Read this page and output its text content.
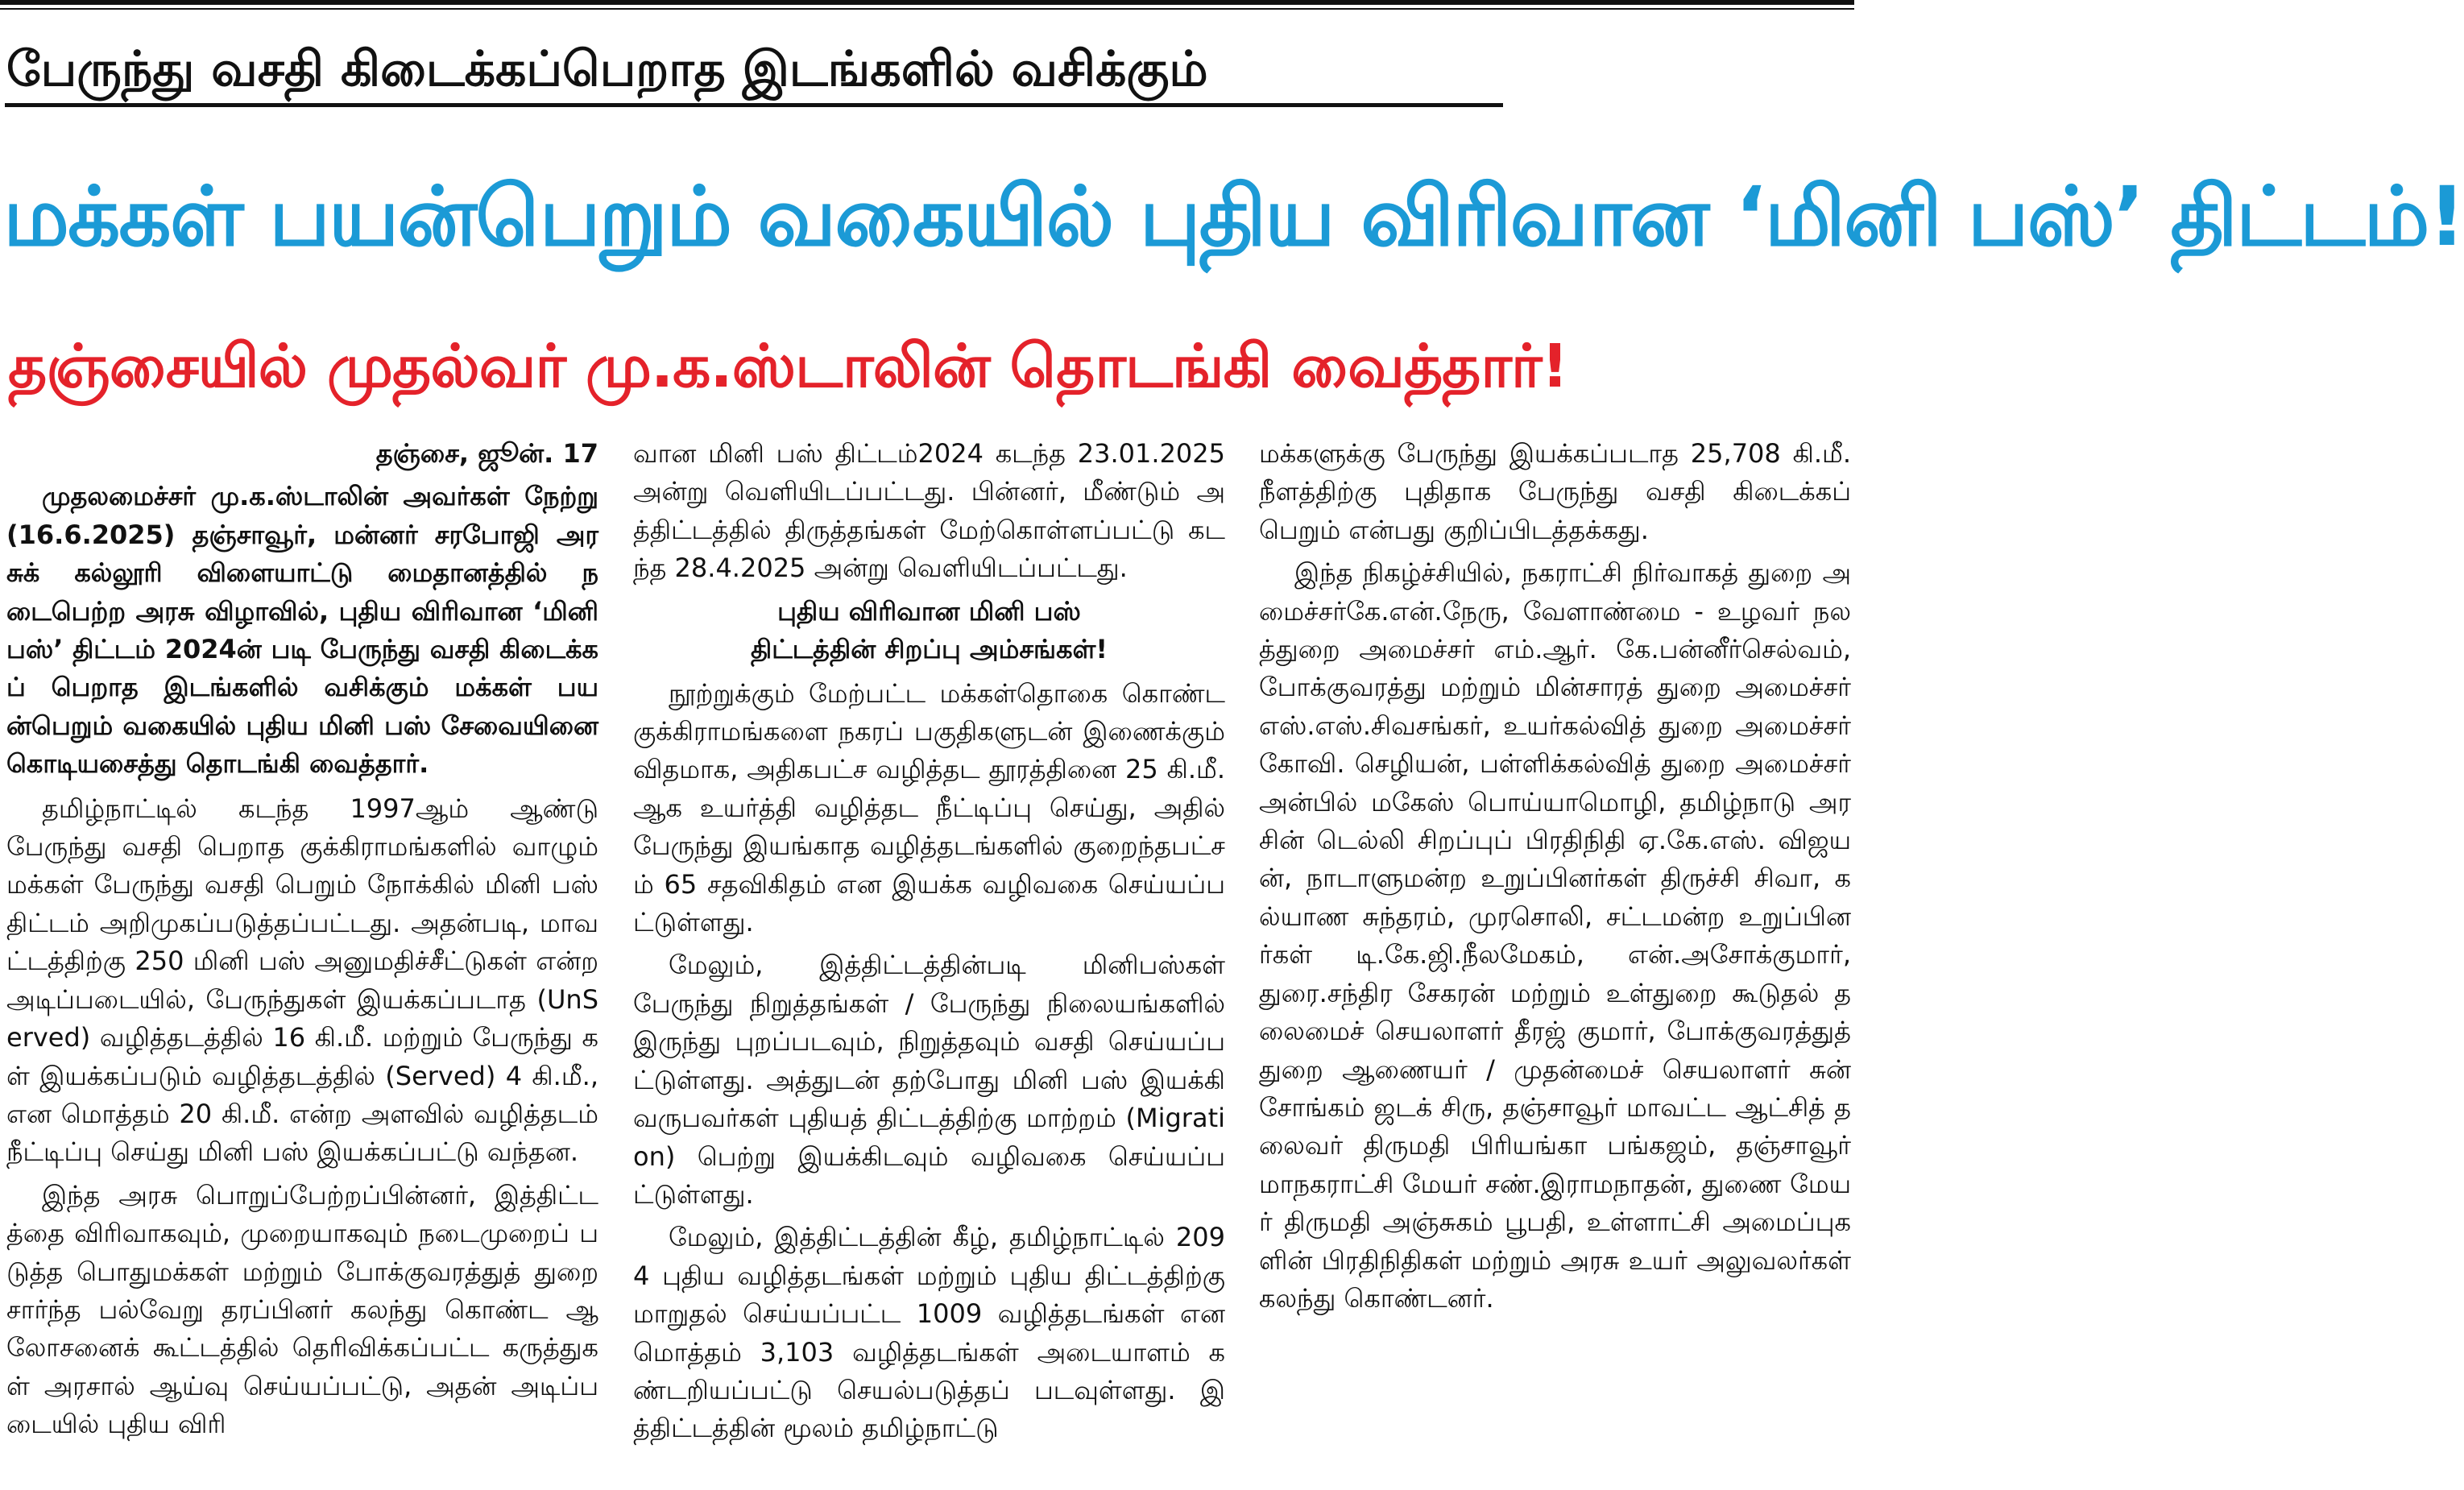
பேருந்து வசதி கிடைக்கப்பெறாத இடங்களில் வசிக்கும்
மக்கள் பயன்பெறும் வகையில் புதிய விரிவான ‘மினி பஸ்’ திட்டம்!
தஞ்சையில் முதல்வர் மு.க.ஸ்டாலின் தொடங்கி வைத்தார்!
தஞ்சை, ஜூன். 17

முதலமைச்சர் மு.க.ஸ்டாலின் அவர்கள் நேற்று (16.6.2025) தஞ்சாவூர், மன்னர் சரபோஜி அரசுக் கல்லூரி விளையாட்டு மைதானத்தில் நடைபெற்ற அரசு விழாவில், புதிய விரிவான ‘மினி பஸ்’ திட்டம் 2024ன் படி பேருந்து வசதி கிடைக்கப் பெறாத இடங்களில் வசிக்கும் மக்கள் பயன்பெறும் வகையில் புதிய மினி பஸ் சேவையினை கொடியசைத்து தொடங்கி வைத்தார்.

தமிழ்நாட்டில் கடந்த 1997ஆம் ஆண்டு பேருந்து வசதி பெறாத குக்கிராமங்களில் வாழும் மக்கள் பேருந்து வசதி பெறும் நோக்கில் மினி பஸ் திட்டம் அறிமுகப்படுத்தப்பட்டது. அதன்படி, மாவட்டத்திற்கு 250 மினி பஸ் அனுமதிச்சீட்டுகள் என்ற அடிப்படையில், பேருந்துகள் இயக்கப்படாத (UnServed) வழித்தடத்தில் 16 கி.மீ. மற்றும் பேருந்து கள் இயக்கப்படும் வழித்தடத்தில் (Served) 4 கி.மீ., என மொத்தம் 20 கி.மீ. என்ற அளவில் வழித்தடம் நீட்டிப்பு செய்து மினி பஸ் இயக்கப்பட்டு வந்தன.

இந்த அரசு பொறுப்பேற்றப்பின்னர், இத்திட்டத்தை விரிவாகவும், முறையாகவும் நடைமுறைப் படுத்த பொதுமக்கள் மற்றும் போக்குவரத்துத் துறை சார்ந்த பல்வேறு தரப்பினர் கலந்து கொண்ட ஆலோசனைக் கூட்டத்தில் தெரிவிக்கப்பட்ட கருத்துகள் அரசால் ஆய்வு செய்யப்பட்டு, அதன் அடிப்படையில் புதிய விரி

வான மினி பஸ் திட்டம்2024 கடந்த 23.01.2025 அன்று வெளியிடப்பட்டது. பின்னர், மீண்டும் அத்திட்டத்தில் திருத்தங்கள் மேற்கொள்ளப்பட்டு கடந்த 28.4.2025 அன்று வெளியிடப்பட்டது.

புதிய விரிவான மினி பஸ்
திட்டத்தின் சிறப்பு அம்சங்கள்!

நூற்றுக்கும் மேற்பட்ட மக்கள்தொகை கொண்ட குக்கிராமங்களை நகரப் பகுதிகளுடன் இணைக்கும் விதமாக, அதிகபட்ச வழித்தட தூரத்தினை 25 கி.மீ. ஆக உயர்த்தி வழித்தட நீட்டிப்பு செய்து, அதில் பேருந்து இயங்காத வழித்தடங்களில் குறைந்தபட்சம் 65 சதவிகிதம் என இயக்க வழிவகை செய்யப்பட்டுள்ளது.

மேலும், இத்திட்டத்தின்படி மினிபஸ்கள் பேருந்து நிறுத்தங்கள் / பேருந்து நிலையங்களில் இருந்து புறப்படவும், நிறுத்தவும் வசதி செய்யப்பட்டுள்ளது. அத்துடன் தற்போது மினி பஸ் இயக்கி வருபவர்கள் புதியத் திட்டத்திற்கு மாற்றம் (Migration) பெற்று இயக்கிடவும் வழிவகை செய்யப்பட்டுள்ளது.

மேலும், இத்திட்டத்தின் கீழ், தமிழ்நாட்டில் 2094 புதிய வழித்தடங்கள் மற்றும் புதிய திட்டத்திற்கு மாறுதல் செய்யப்பட்ட 1009 வழித்தடங்கள் என மொத்தம் 3,103 வழித்தடங்கள் அடையாளம் கண்டறியப்பட்டு செயல்படுத்தப் படவுள்ளது. இத்திட்டத்தின் மூலம் தமிழ்நாட்டு

மக்களுக்கு பேருந்து இயக்கப்படாத 25,708 கி.மீ. நீளத்திற்கு புதிதாக பேருந்து வசதி கிடைக்கப் பெறும் என்பது குறிப்பிடத்தக்கது.

இந்த நிகழ்ச்சியில், நகராட்சி நிர்வாகத் துறை அமைச்சர்கே.என்.நேரு, வேளாண்மை - உழவர் நலத்துறை அமைச்சர் எம்.ஆர். கே.பன்னீர்செல்வம், போக்குவரத்து மற்றும் மின்சாரத் துறை அமைச்சர் எஸ்.எஸ்.சிவசங்கர், உயர்கல்வித் துறை அமைச்சர் கோவி. செழியன், பள்ளிக்கல்வித் துறை அமைச்சர் அன்பில் மகேஸ் பொய்யாமொழி, தமிழ்நாடு அரசின் டெல்லி சிறப்புப் பிரதிநிதி ஏ.கே.எஸ். விஜயன், நாடாளுமன்ற உறுப்பினர்கள் திருச்சி சிவா, கல்யாண சுந்தரம், முரசொலி, சட்டமன்ற உறுப்பினர்கள் டி.கே.ஜி.நீலமேகம், என்.அசோக்குமார், துரை.சந்திர சேகரன் மற்றும் உள்துறை கூடுதல் தலைமைச் செயலாளர் தீரஜ் குமார், போக்குவரத்துத் துறை ஆணையர் / முதன்மைச் செயலாளர் சுன் சோங்கம் ஜடக் சிரு, தஞ்சாவூர் மாவட்ட ஆட்சித் தலைவர் திருமதி பிரியங்கா பங்கஜம், தஞ்சாவூர் மாநகராட்சி மேயர் சண்.இராமநாதன், துணை மேயர் திருமதி அஞ்சுகம் பூபதி, உள்ளாட்சி அமைப்புகளின் பிரதிநிதிகள் மற்றும் அரசு உயர் அலுவலர்கள் கலந்து கொண்டனர்.
